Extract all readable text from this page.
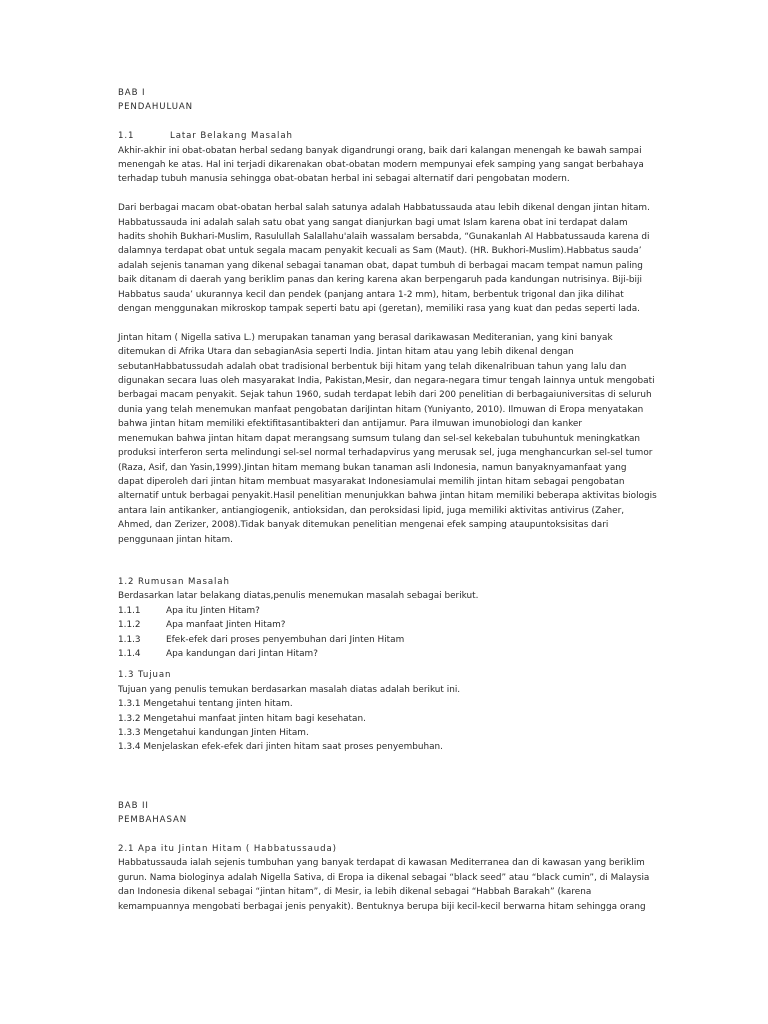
BAB I
PENDAHULUAN
1.1	Latar Belakang Masalah
Akhir-akhir ini obat-obatan herbal sedang banyak digandrungi orang, baik dari kalangan menengah ke bawah sampai
menengah ke atas. Hal ini terjadi dikarenakan obat-obatan modern mempunyai efek samping yang sangat berbahaya
terhadap tubuh manusia sehingga obat-obatan herbal ini sebagai alternatif dari pengobatan modern.
Dari berbagai macam obat-obatan herbal salah satunya adalah Habbatussauda atau lebih dikenal dengan jintan hitam.
Habbatussauda ini adalah salah satu obat yang sangat dianjurkan bagi umat Islam karena obat ini terdapat dalam
hadits shohih Bukhari-Muslim, Rasulullah Salallahu'alaih wassalam bersabda, “Gunakanlah Al Habbatussauda karena di
dalamnya terdapat obat untuk segala macam penyakit kecuali as Sam (Maut). (HR. Bukhori-Muslim).Habbatus sauda’
adalah sejenis tanaman yang dikenal sebagai tanaman obat, dapat tumbuh di berbagai macam tempat namun paling
baik ditanam di daerah yang beriklim panas dan kering karena akan berpengaruh pada kandungan nutrisinya. Biji-biji
Habbatus sauda’ ukurannya kecil dan pendek (panjang antara 1-2 mm), hitam, berbentuk trigonal dan jika dilihat
dengan menggunakan mikroskop tampak seperti batu api (geretan), memiliki rasa yang kuat dan pedas seperti lada.
Jintan hitam ( Nigella sativa L.) merupakan tanaman yang berasal darikawasan Mediteranian, yang kini banyak
ditemukan di Afrika Utara dan sebagianAsia seperti India. Jintan hitam atau yang lebih dikenal dengan
sebutanHabbatussudah adalah obat tradisional berbentuk biji hitam yang telah dikenalribuan tahun yang lalu dan
digunakan secara luas oleh masyarakat India, Pakistan,Mesir, dan negara-negara timur tengah lainnya untuk mengobati
berbagai macam penyakit. Sejak tahun 1960, sudah terdapat lebih dari 200 penelitian di berbagaiuniversitas di seluruh
dunia yang telah menemukan manfaat pengobatan dariJintan hitam (Yuniyanto, 2010). Ilmuwan di Eropa menyatakan
bahwa jintan hitam memiliki efektifitasantibakteri dan antijamur. Para ilmuwan imunobiologi dan kanker
menemukan bahwa jintan hitam dapat merangsang sumsum tulang dan sel-sel kekebalan tubuhuntuk meningkatkan
produksi interferon serta melindungi sel-sel normal terhadapvirus yang merusak sel, juga menghancurkan sel-sel tumor
(Raza, Asif, dan Yasin,1999).Jintan hitam memang bukan tanaman asli Indonesia, namun banyaknyamanfaat yang
dapat diperoleh dari jintan hitam membuat masyarakat Indonesiamulai memilih jintan hitam sebagai pengobatan
alternatif untuk berbagai penyakit.Hasil penelitian menunjukkan bahwa jintan hitam memiliki beberapa aktivitas biologis
antara lain antikanker, antiangiogenik, antioksidan, dan peroksidasi lipid, juga memiliki aktivitas antivirus (Zaher,
Ahmed, dan Zerizer, 2008).Tidak banyak ditemukan penelitian mengenai efek samping ataupuntoksisitas dari
penggunaan jintan hitam.
1.2 Rumusan Masalah
Berdasarkan latar belakang diatas,penulis menemukan masalah sebagai berikut.
1.1.1	Apa itu Jinten Hitam?
1.1.2	Apa manfaat Jinten Hitam?
1.1.3	Efek-efek dari proses penyembuhan dari Jinten Hitam
1.1.4	Apa kandungan dari Jintan Hitam?
1.3 Tujuan
Tujuan yang penulis temukan berdasarkan masalah diatas adalah berikut ini.
1.3.1 Mengetahui tentang jinten hitam.
1.3.2 Mengetahui manfaat jinten hitam bagi kesehatan.
1.3.3 Mengetahui kandungan Jinten Hitam.
1.3.4 Menjelaskan efek-efek dari jinten hitam saat proses penyembuhan.
BAB II
PEMBAHASAN
2.1 Apa itu Jintan Hitam ( Habbatussauda)
Habbatussauda ialah sejenis tumbuhan yang banyak terdapat di kawasan Mediterranea dan di kawasan yang beriklim
gurun. Nama biologinya adalah Nigella Sativa, di Eropa ia dikenal sebagai “black seed” atau “black cumin”, di Malaysia
dan Indonesia dikenal sebagai “jintan hitam”, di Mesir, ia lebih dikenal sebagai “Habbah Barakah” (karena
kemampuannya mengobati berbagai jenis penyakit). Bentuknya berupa biji kecil-kecil berwarna hitam sehingga orang
